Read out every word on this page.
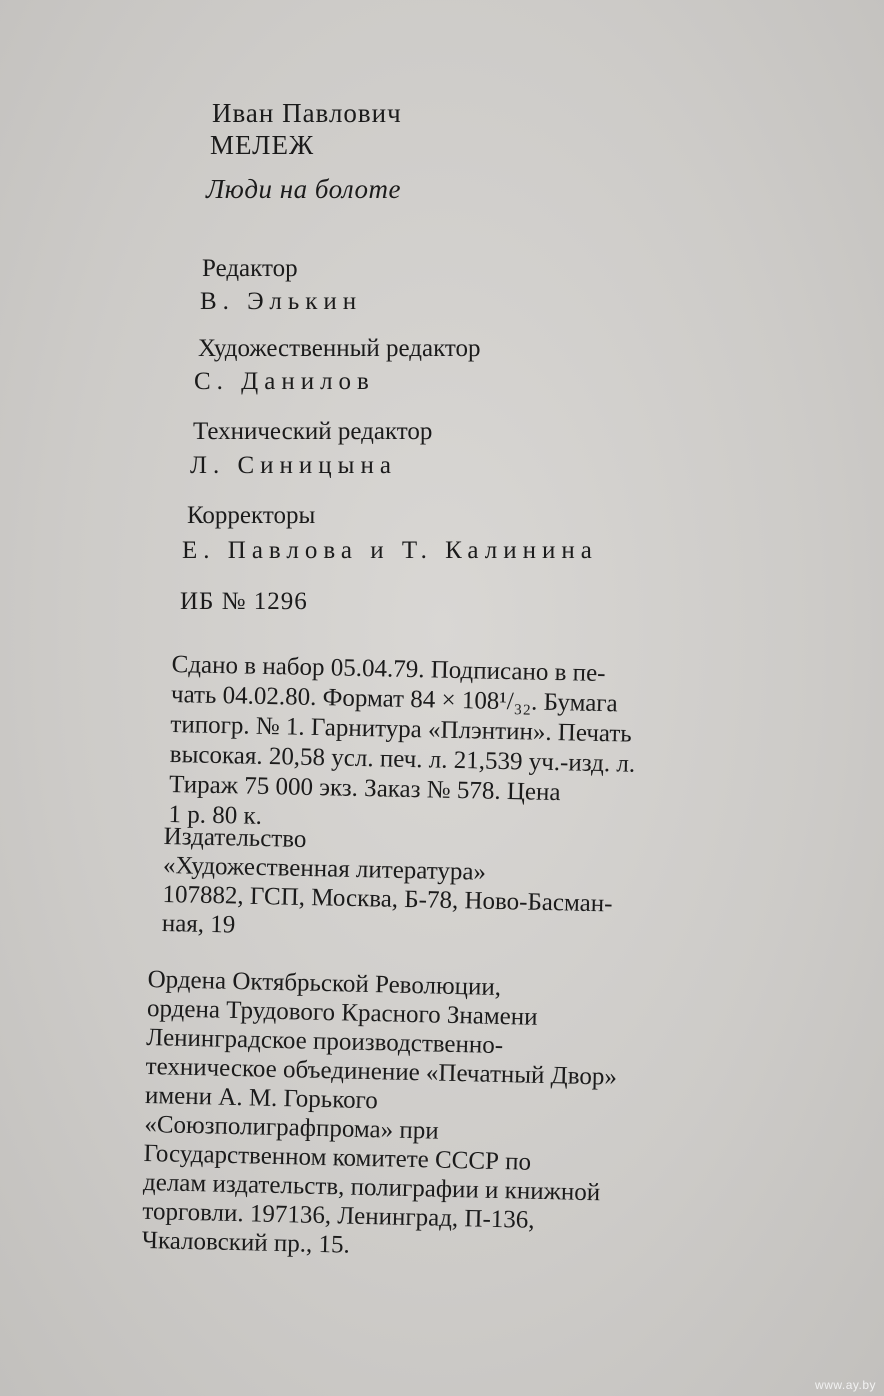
Иван Павлович
МЕЛЕЖ
Люди на болоте
Редактор
В. Элькин
Художественный редактор
С. Данилов
Технический редактор
Л. Синицына
Корректоры
Е. Павлова и Т. Калинина
ИБ № 1296
Сдано в набор 05.04.79. Подписано в пе-
чать 04.02.80. Формат 84 × 108¹/₃₂. Бумага
типогр. № 1. Гарнитура «Плэнтин». Печать
высокая. 20,58 усл. печ. л. 21,539 уч.-изд. л.
Тираж 75 000 экз. Заказ № 578. Цена
1 р. 80 к.
Издательство
«Художественная литература»
107882, ГСП, Москва, Б-78, Ново-Басман-
ная, 19
Ордена Октябрьской Революции,
ордена Трудового Красного Знамени
Ленинградское производственно-
техническое объединение «Печатный Двор»
имени А. М. Горького
«Союзполиграфпрома» при
Государственном комитете СССР по
делам издательств, полиграфии и книжной
торговли. 197136, Ленинград, П-136,
Чкаловский пр., 15.
www.ay.by
